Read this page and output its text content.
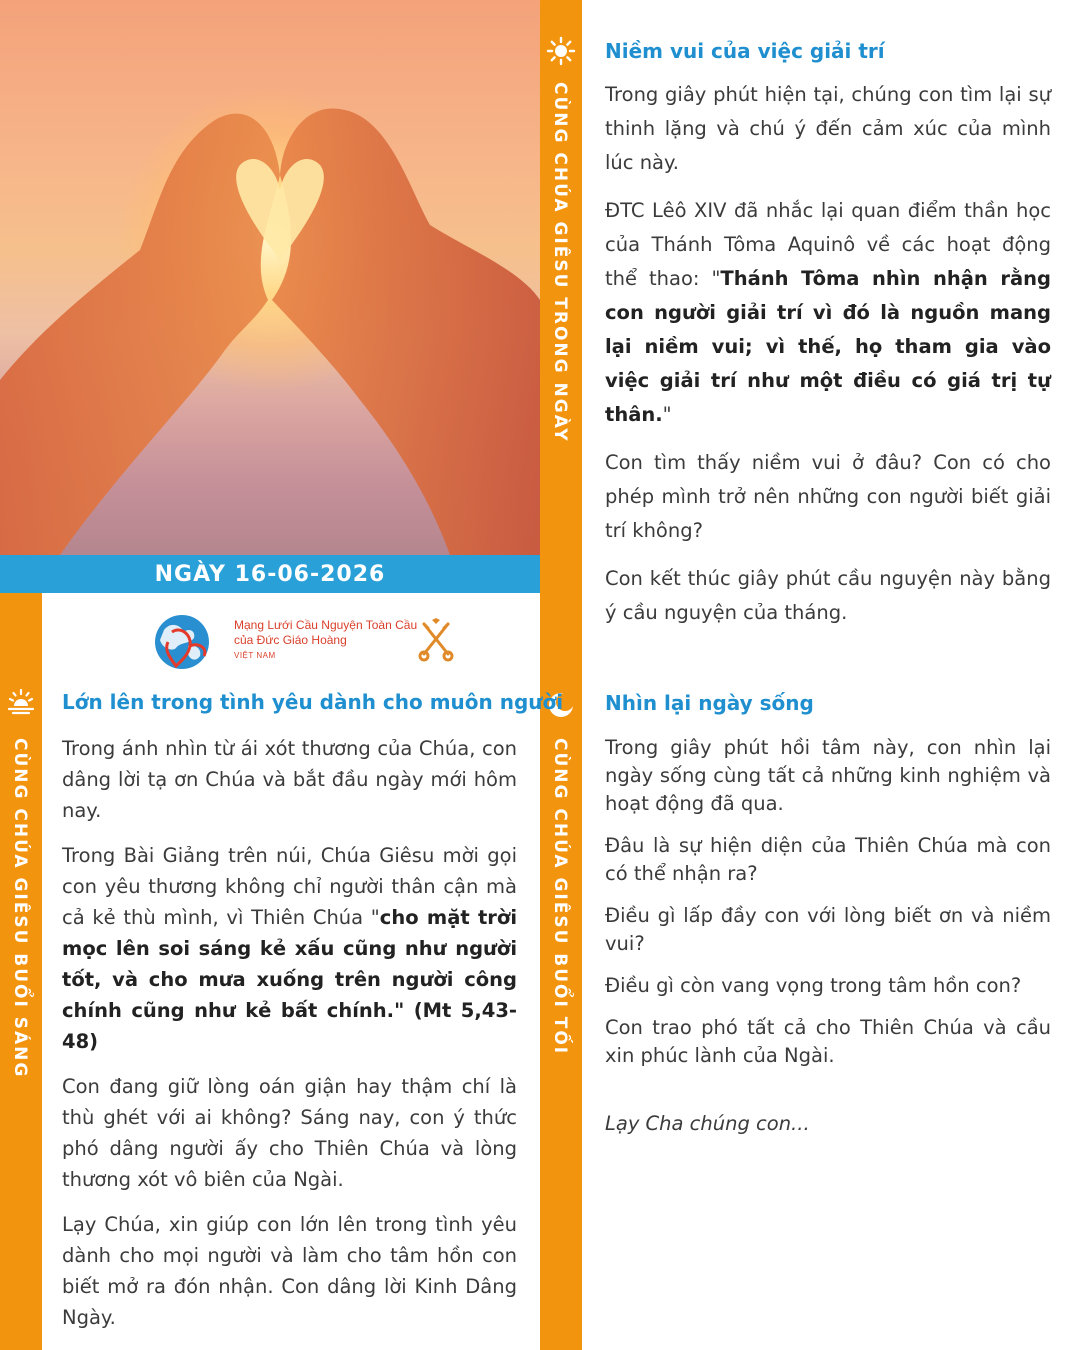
NGÀY 16-06-2026
CÙNG CHÚA GIÊSU TRONG NGÀY
CÙNG CHÚA GIÊSU BUỔI SÁNG	CÙNG CHÚA GIÊSU BUỔI TỐI
Mạng Lưới Cầu Nguyện Toàn Cầu
của Đức Giáo Hoàng
VIỆT NAM
Lớn lên trong tình yêu dành cho muôn người

Trong ánh nhìn từ ái xót thương của Chúa, con dâng lời tạ ơn Chúa và bắt đầu ngày mới hôm nay.

Trong Bài Giảng trên núi, Chúa Giêsu mời gọi con yêu thương không chỉ người thân cận mà cả kẻ thù mình, vì Thiên Chúa "cho mặt trời mọc lên soi sáng kẻ xấu cũng như người tốt, và cho mưa xuống trên người công chính cũng như kẻ bất chính." (Mt 5,43-48)

Con đang giữ lòng oán giận hay thậm chí là thù ghét với ai không? Sáng nay, con ý thức phó dâng người ấy cho Thiên Chúa và lòng thương xót vô biên của Ngài.

Lạy Chúa, xin giúp con lớn lên trong tình yêu dành cho mọi người và làm cho tâm hồn con biết mở ra đón nhận. Con dâng lời Kinh Dâng Ngày.

Niềm vui của việc giải trí

Trong giây phút hiện tại, chúng con tìm lại sự thinh lặng và chú ý đến cảm xúc của mình lúc này.

ĐTC Lêô XIV đã nhắc lại quan điểm thần học của Thánh Tôma Aquinô về các hoạt động thể thao: "Thánh Tôma nhìn nhận rằng con người giải trí vì đó là nguồn mang lại niềm vui; vì thế, họ tham gia vào việc giải trí như một điều có giá trị tự thân."

Con tìm thấy niềm vui ở đâu? Con có cho phép mình trở nên những con người biết giải trí không?

Con kết thúc giây phút cầu nguyện này bằng ý cầu nguyện của tháng.

Nhìn lại ngày sống

Trong giây phút hồi tâm này, con nhìn lại ngày sống cùng tất cả những kinh nghiệm và hoạt động đã qua.

Đâu là sự hiện diện của Thiên Chúa mà con có thể nhận ra?

Điều gì lấp đầy con với lòng biết ơn và niềm vui?

Điều gì còn vang vọng trong tâm hồn con?

Con trao phó tất cả cho Thiên Chúa và cầu xin phúc lành của Ngài.

Lạy Cha chúng con...
